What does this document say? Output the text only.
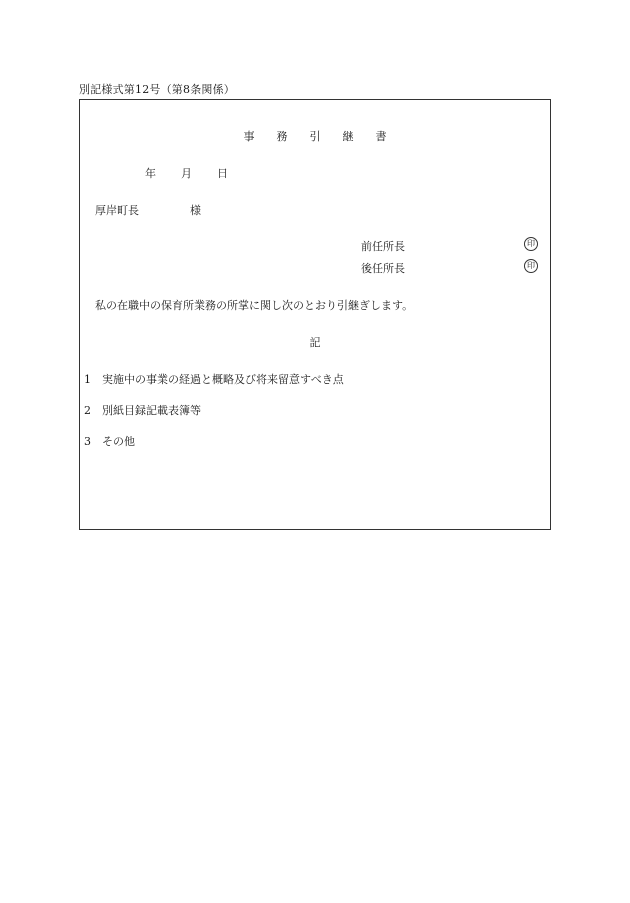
別記様式第12号（第8条関係）
事 務 引 継 書
年 月 日
厚岸町長	様
前任所長	印
後任所長	印
私の在職中の保育所業務の所掌に関し次のとおり引継ぎします。
記
1 実施中の事業の経過と概略及び将来留意すべき点
2 別紙目録記載表簿等
3 その他
